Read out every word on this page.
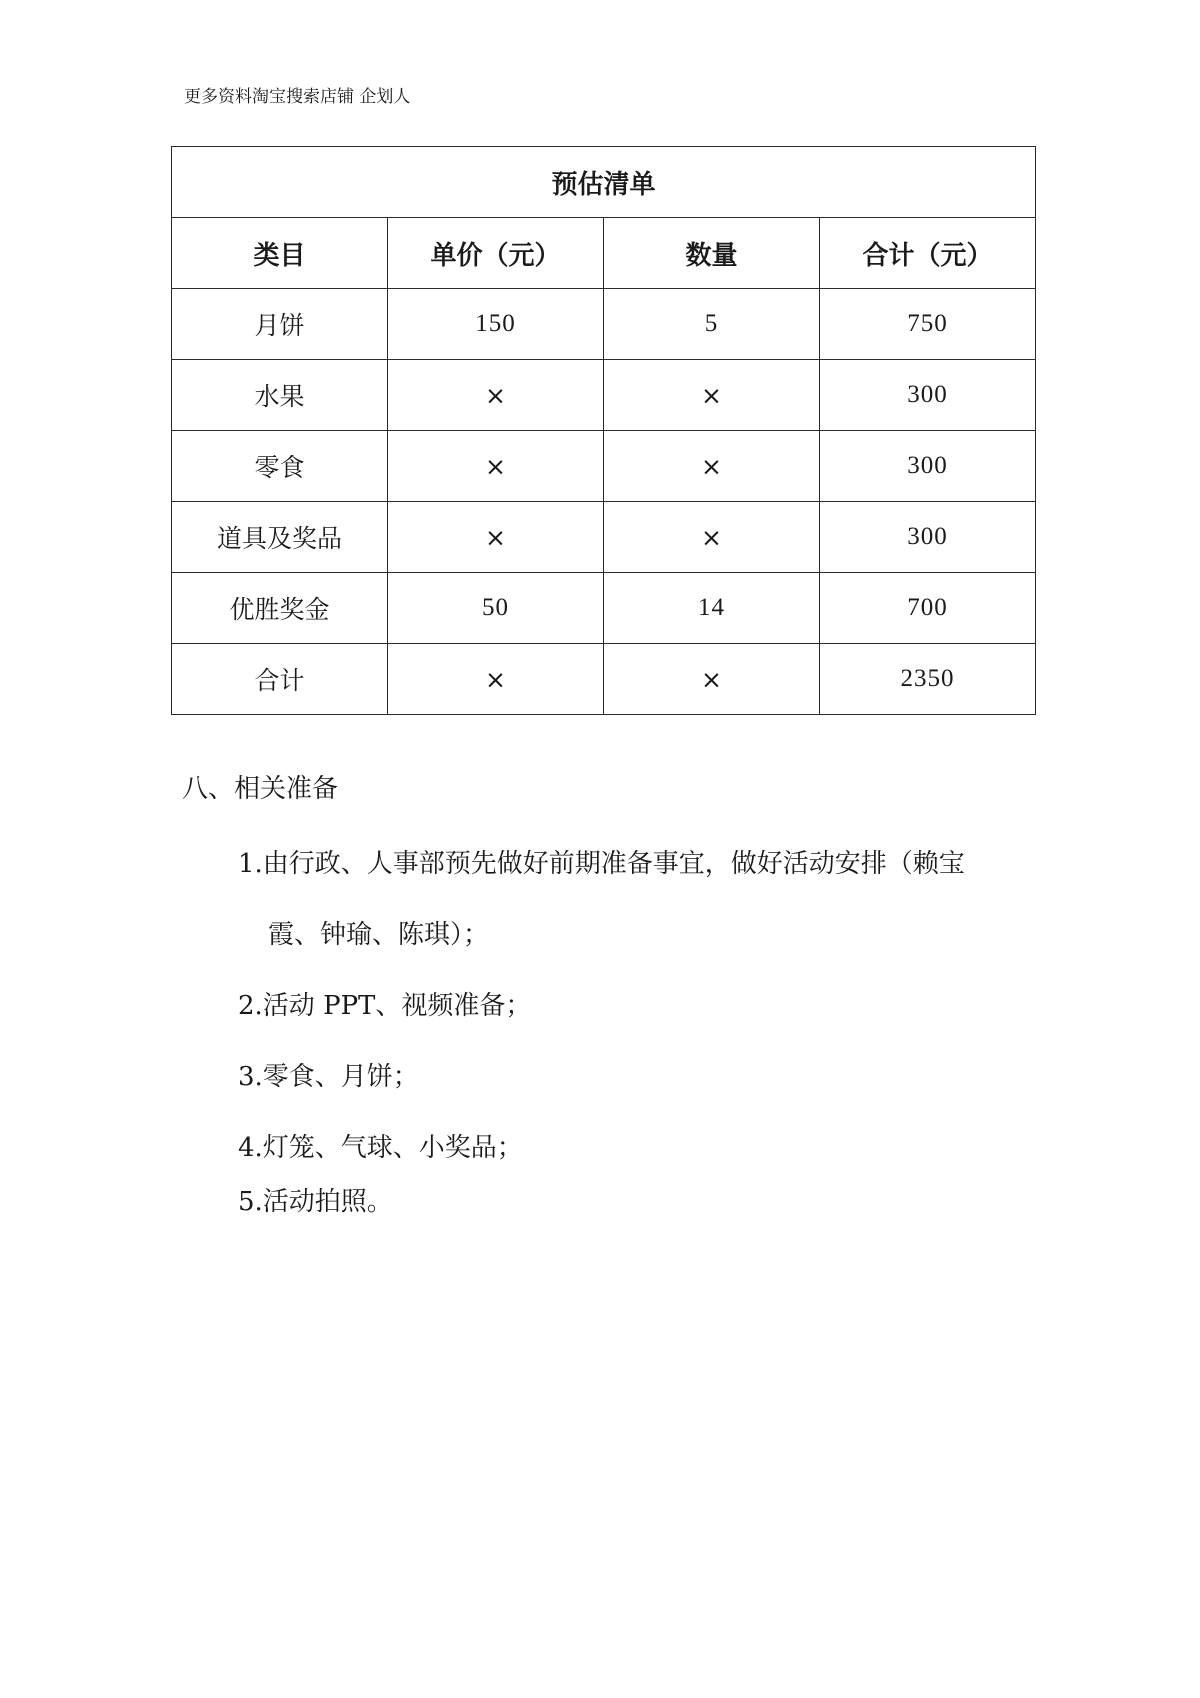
更多资料淘宝搜索店铺 企划人
预估清单			
类目	单价（元）	数量	合计（元）
月饼	150	5	750
水果	×	×	300
零食	×	×	300
道具及奖品	×	×	300
优胜奖金	50	14	700
合计	×	×	2350
八、相关准备
1.由行政、人事部预先做好前期准备事宜，做好活动安排（赖宝
霞、钟瑜、陈琪）；
2.活动 PPT、视频准备；
3.零食、月饼；
4.灯笼、气球、小奖品；
5.活动拍照。
